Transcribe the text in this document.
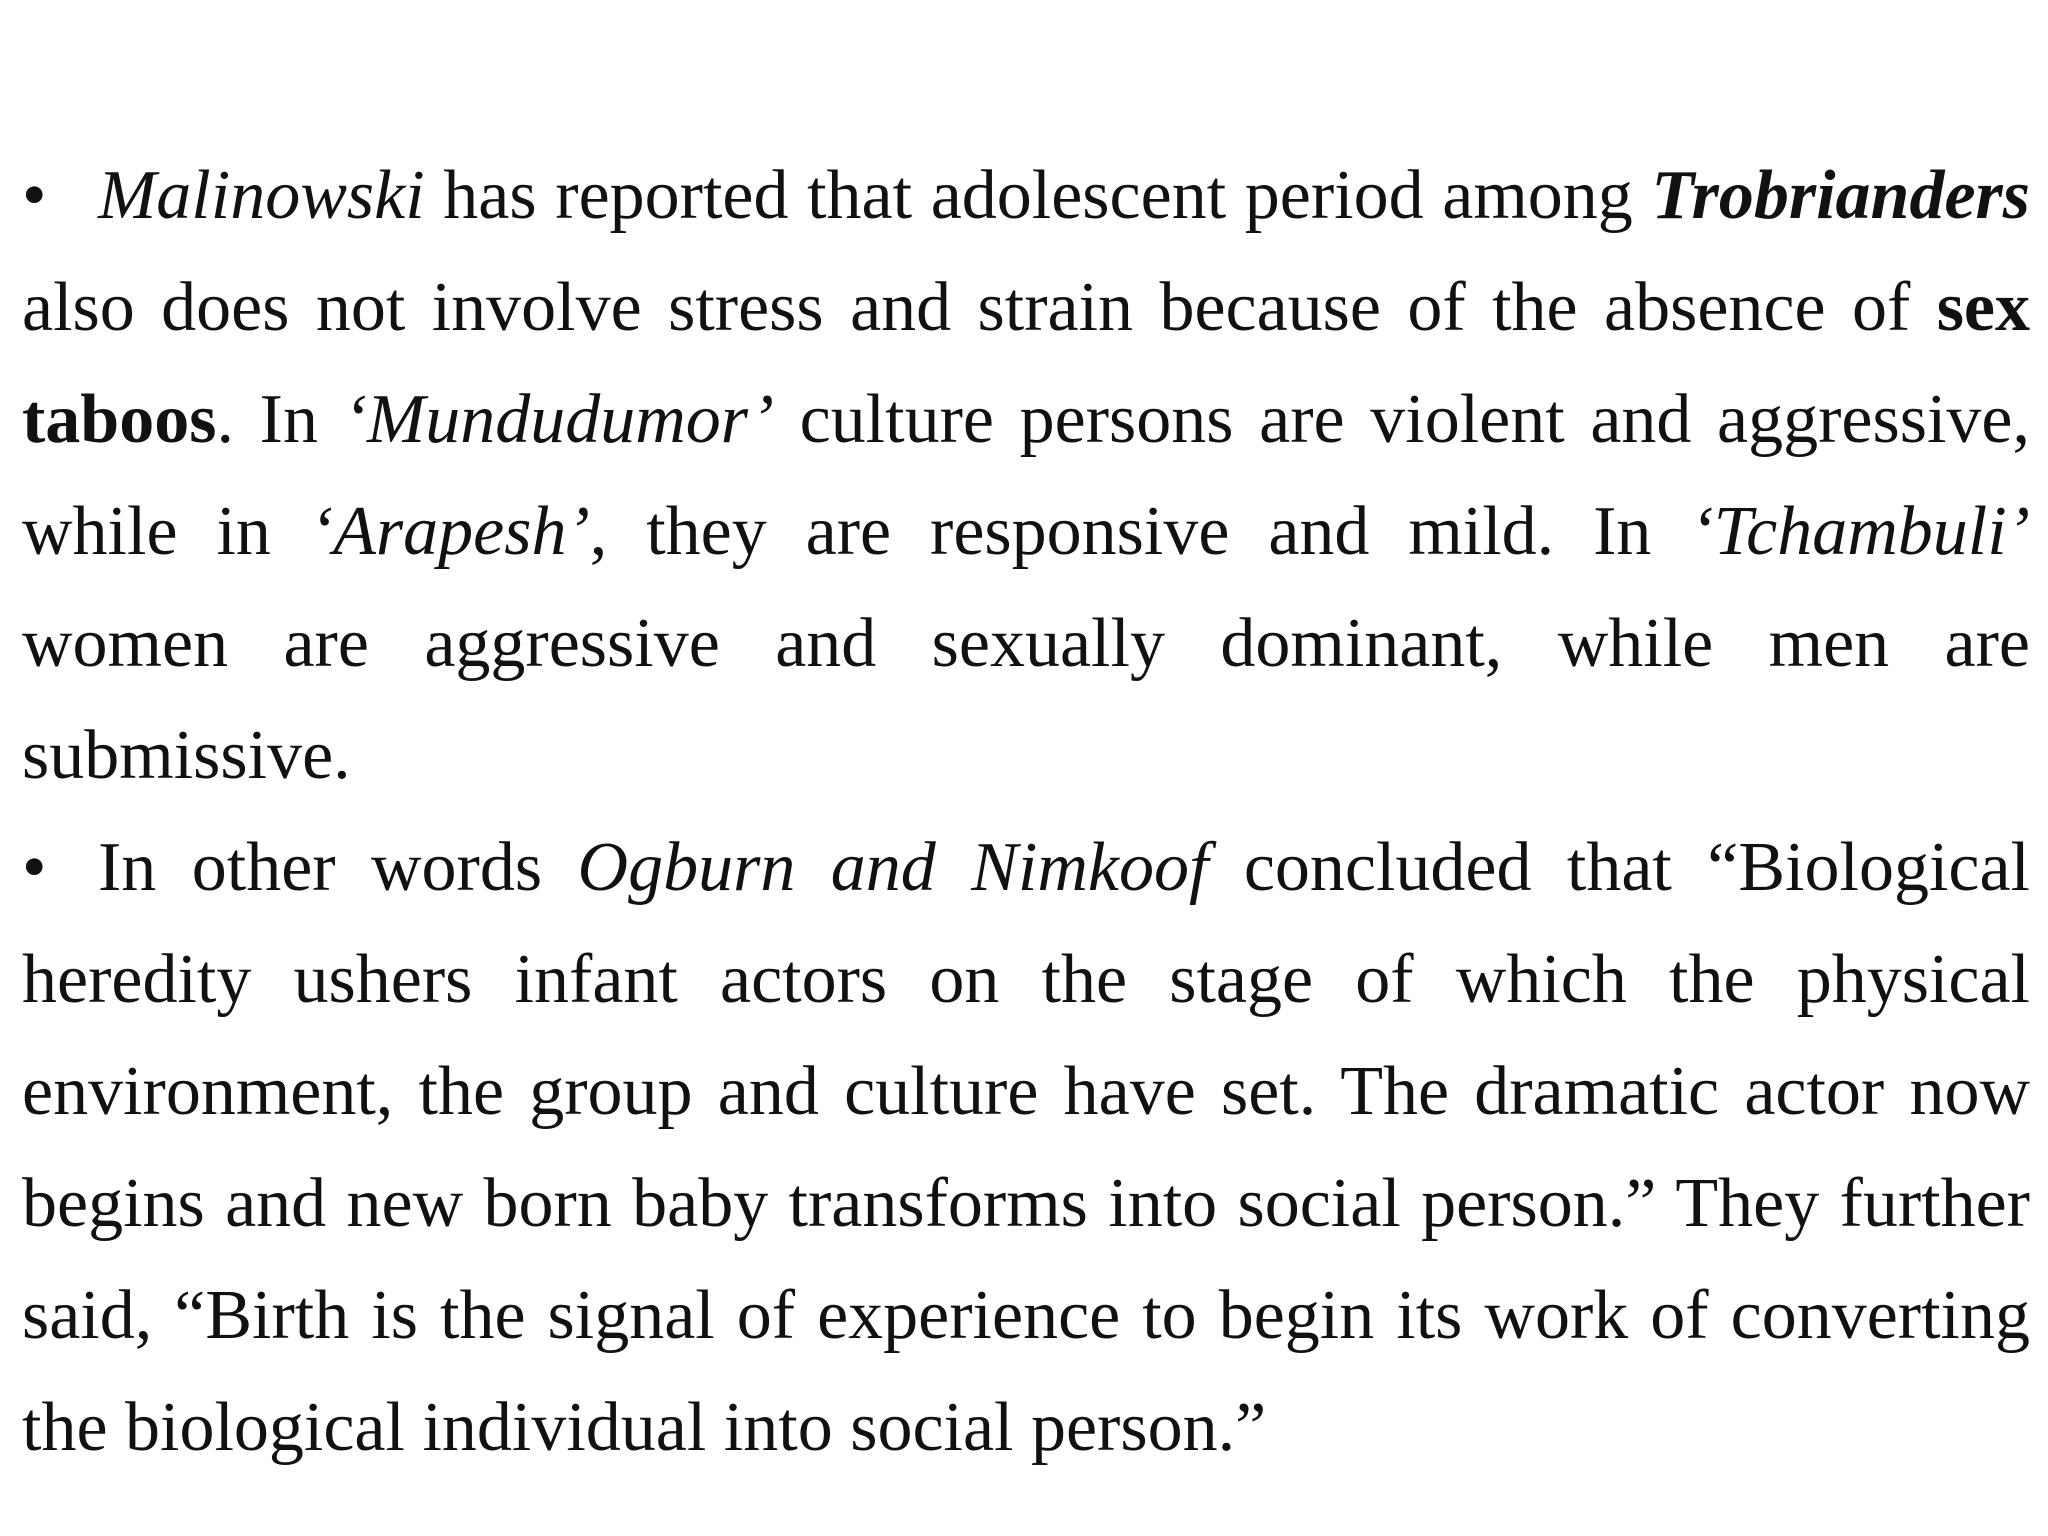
• Malinowski has reported that adolescent period among Trobrianders also does not involve stress and strain because of the absence of sex taboos. In ‘Mundudumor’ culture persons are violent and aggressive, while in ‘Arapesh’, they are responsive and mild. In ‘Tchambuli’ women are aggressive and sexually dominant, while men are submissive.

• In other words Ogburn and Nimkoof concluded that “Biological heredity ushers infant actors on the stage of which the physical environment, the group and culture have set. The dramatic actor now begins and new born baby transforms into social person.” They further said, “Birth is the signal of experience to begin its work of converting the biological individual into social person.”
